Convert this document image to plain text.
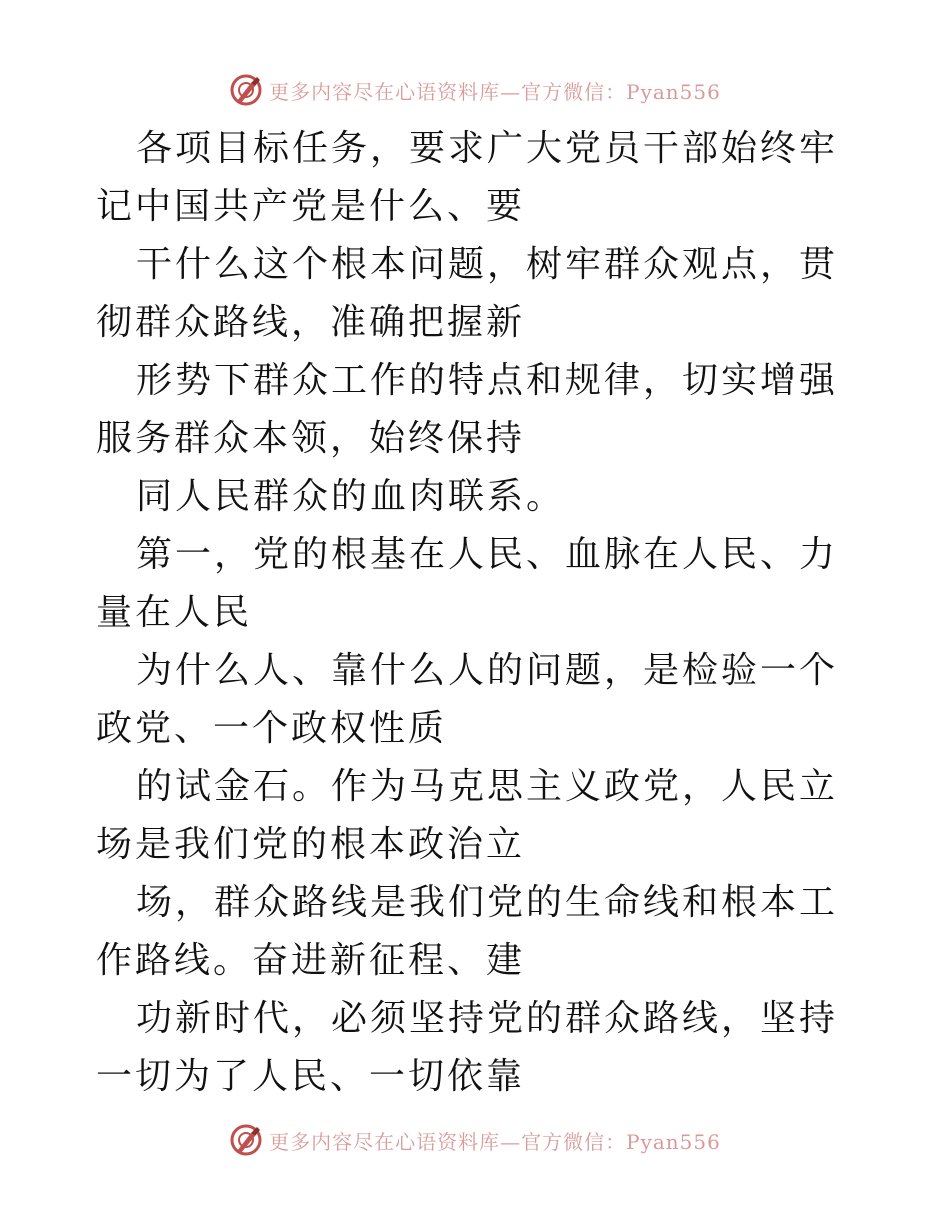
更多内容尽在心语资料库—官方微信：Pyan556

各项目标任务，要求广大党员干部始终牢记中国共产党是什么、要

干什么这个根本问题，树牢群众观点，贯彻群众路线，准确把握新

形势下群众工作的特点和规律，切实增强服务群众本领，始终保持

同人民群众的血肉联系。

第一，党的根基在人民、血脉在人民、力量在人民

为什么人、靠什么人的问题，是检验一个政党、一个政权性质

的试金石。作为马克思主义政党，人民立场是我们党的根本政治立

场，群众路线是我们党的生命线和根本工作路线。奋进新征程、建

功新时代，必须坚持党的群众路线，坚持一切为了人民、一切依靠

更多内容尽在心语资料库—官方微信：Pyan556
